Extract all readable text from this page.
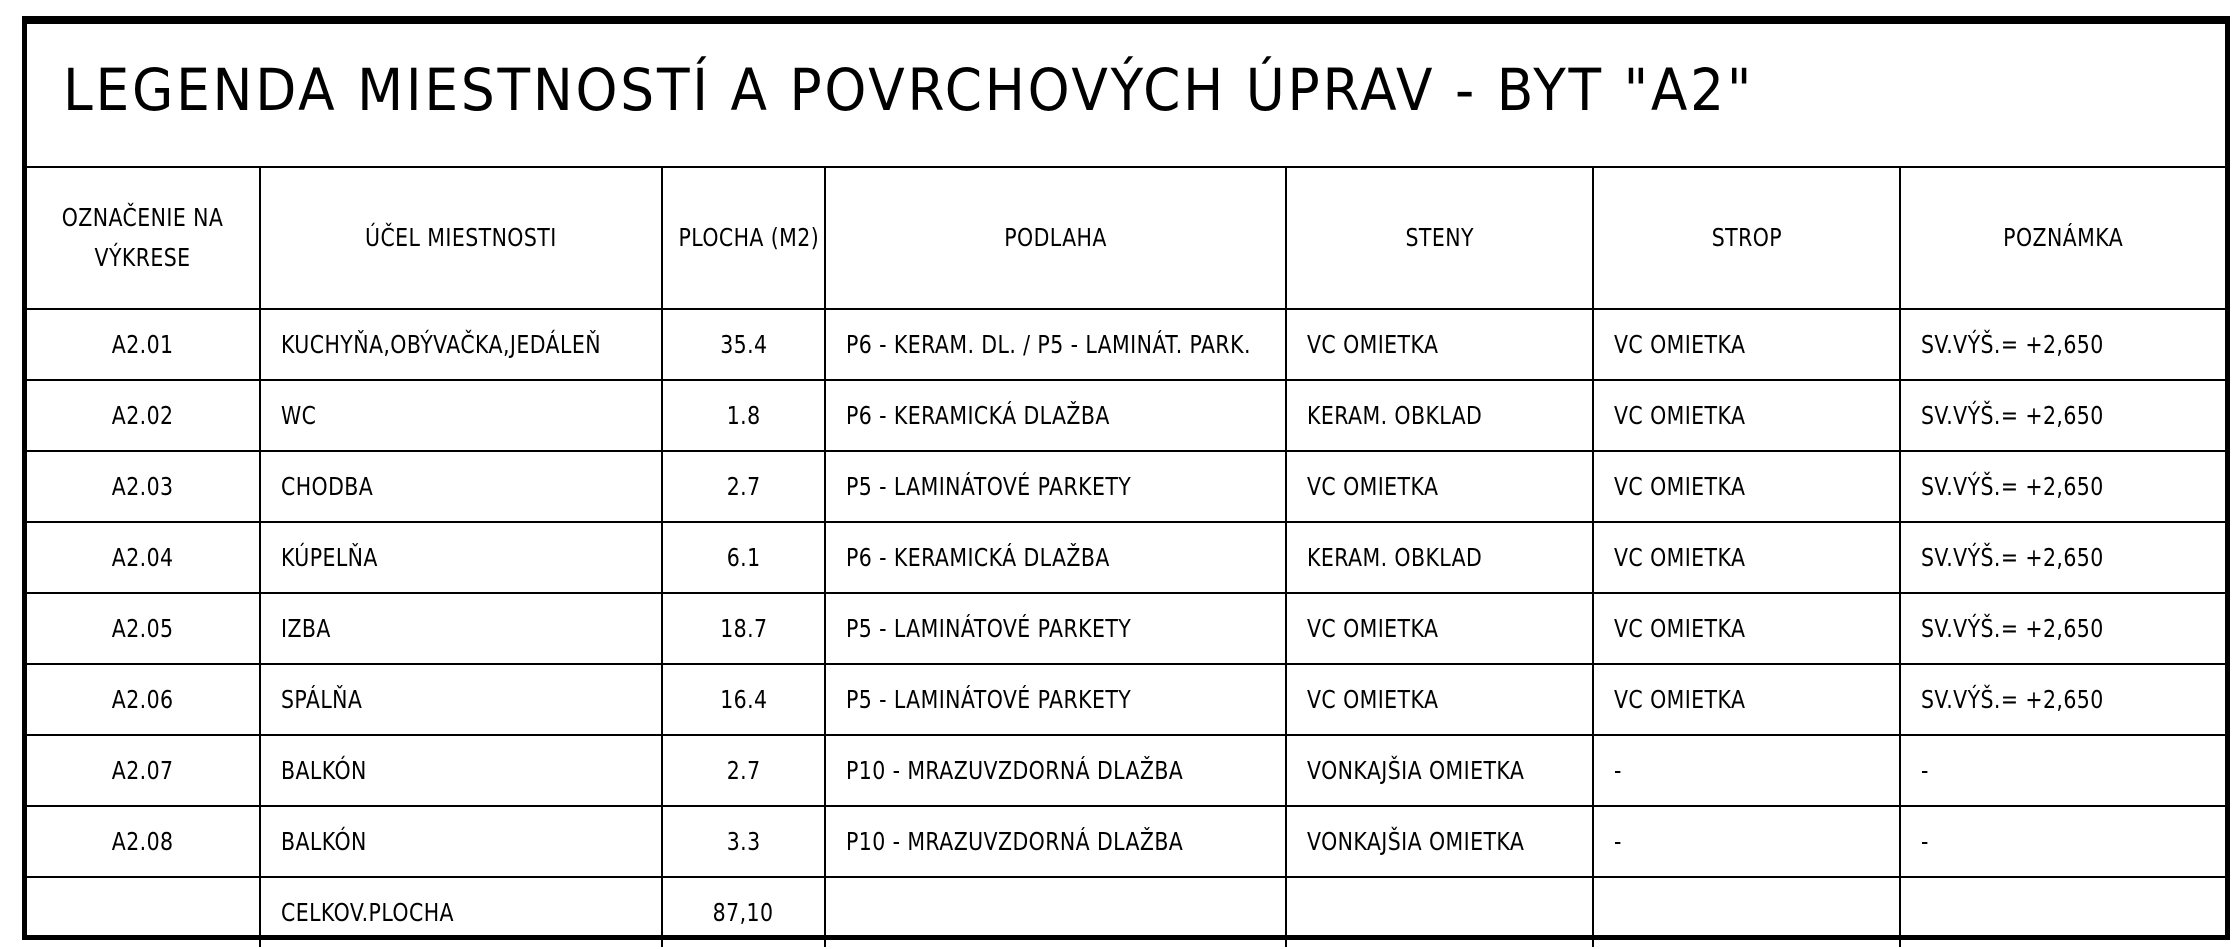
LEGENDA MIESTNOSTÍ A POVRCHOVÝCH ÚPRAV - BYT "A2"
OZNAČENIE NA
VÝKRESE	ÚČEL MIESTNOSTI	PLOCHA (M2)	PODLAHA	STENY	STROP	POZNÁMKA
A2.01	KUCHYŇA,OBÝVAČKA,JEDÁLEŇ	35.4	P6 - KERAM. DL. / P5 - LAMINÁT. PARK.	VC OMIETKA	VC OMIETKA	SV.VÝŠ.= +2,650
A2.02	WC	1.8	P6 - KERAMICKÁ DLAŽBA	KERAM. OBKLAD	VC OMIETKA	SV.VÝŠ.= +2,650
A2.03	CHODBA	2.7	P5 - LAMINÁTOVÉ PARKETY	VC OMIETKA	VC OMIETKA	SV.VÝŠ.= +2,650
A2.04	KÚPELŇA	6.1	P6 - KERAMICKÁ DLAŽBA	KERAM. OBKLAD	VC OMIETKA	SV.VÝŠ.= +2,650
A2.05	IZBA	18.7	P5 - LAMINÁTOVÉ PARKETY	VC OMIETKA	VC OMIETKA	SV.VÝŠ.= +2,650
A2.06	SPÁLŇA	16.4	P5 - LAMINÁTOVÉ PARKETY	VC OMIETKA	VC OMIETKA	SV.VÝŠ.= +2,650
A2.07	BALKÓN	2.7	P10 - MRAZUVZDORNÁ DLAŽBA	VONKAJŠIA OMIETKA	-	-
A2.08	BALKÓN	3.3	P10 - MRAZUVZDORNÁ DLAŽBA	VONKAJŠIA OMIETKA	-	-
	CELKOV.PLOCHA	87,10				
